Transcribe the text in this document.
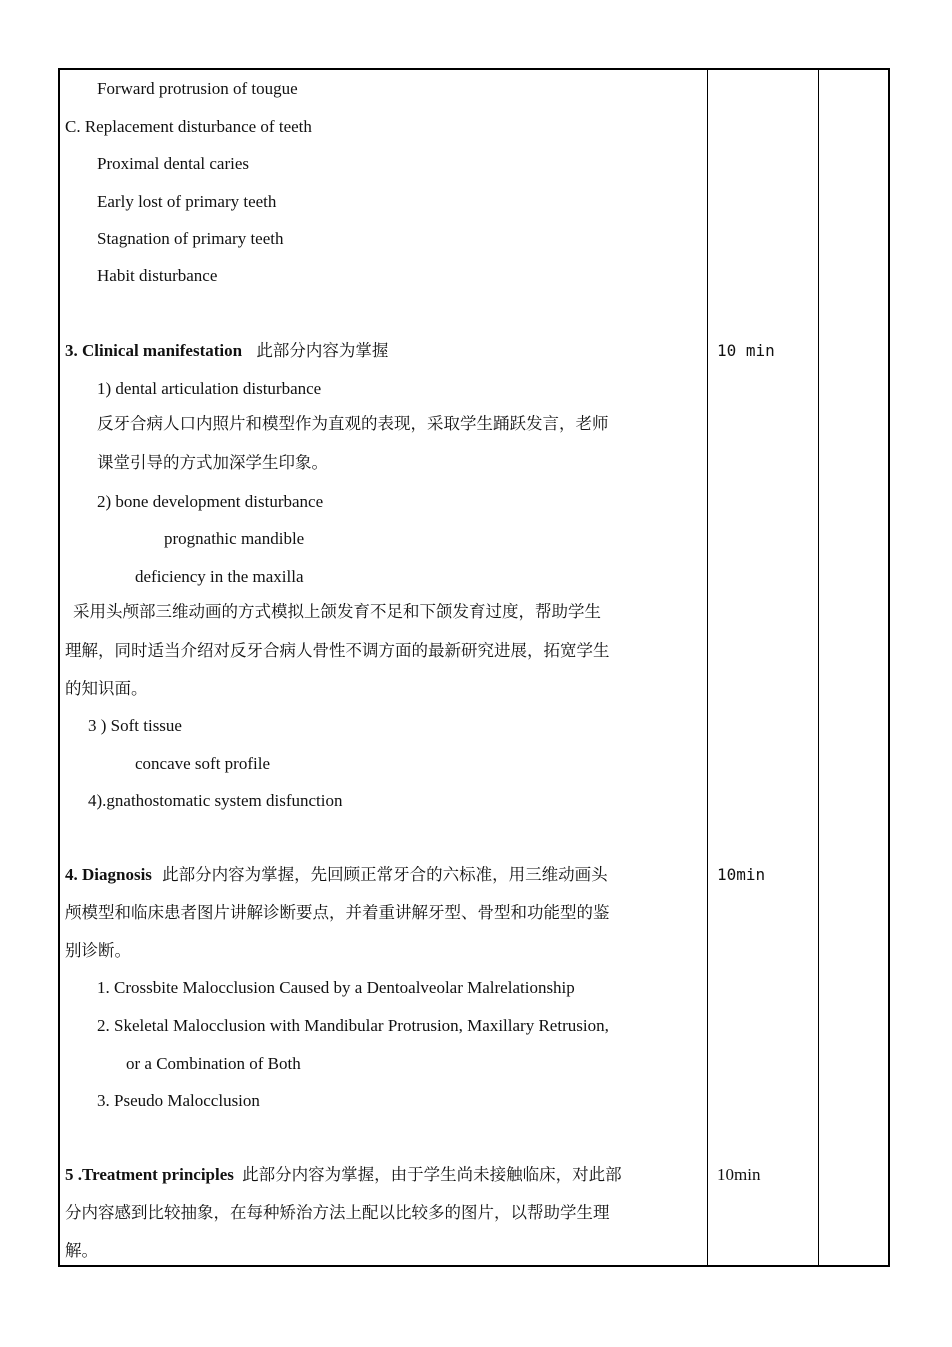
Forward protrusion of tougue
C. Replacement disturbance of teeth
Proximal dental caries
Early lost of primary teeth
Stagnation of primary teeth
Habit disturbance
3. Clinical manifestation 此部分内容为掌握
1) dental articulation disturbance
反牙合病人口内照片和模型作为直观的表现，采取学生踊跃发言，老师
课堂引导的方式加深学生印象。
2) bone development disturbance
prognathic mandible
deficiency in the maxilla
采用头颅部三维动画的方式模拟上颌发育不足和下颌发育过度，帮助学生
理解，同时适当介绍对反牙合病人骨性不调方面的最新研究进展，拓宽学生
的知识面。
3 ) Soft tissue
concave soft profile
4).gnathostomatic system disfunction
4. Diagnosis 此部分内容为掌握，先回顾正常牙合的六标准，用三维动画头
颅模型和临床患者图片讲解诊断要点，并着重讲解牙型、骨型和功能型的鉴
别诊断。
1. Crossbite Malocclusion Caused by a Dentoalveolar Malrelationship
2. Skeletal Malocclusion with Mandibular Protrusion, Maxillary Retrusion,
or a Combination of Both
3. Pseudo Malocclusion
5 .Treatment principles 此部分内容为掌握，由于学生尚未接触临床，对此部
分内容感到比较抽象，在每种矫治方法上配以比较多的图片，以帮助学生理
解。
10 min
10min
10min
